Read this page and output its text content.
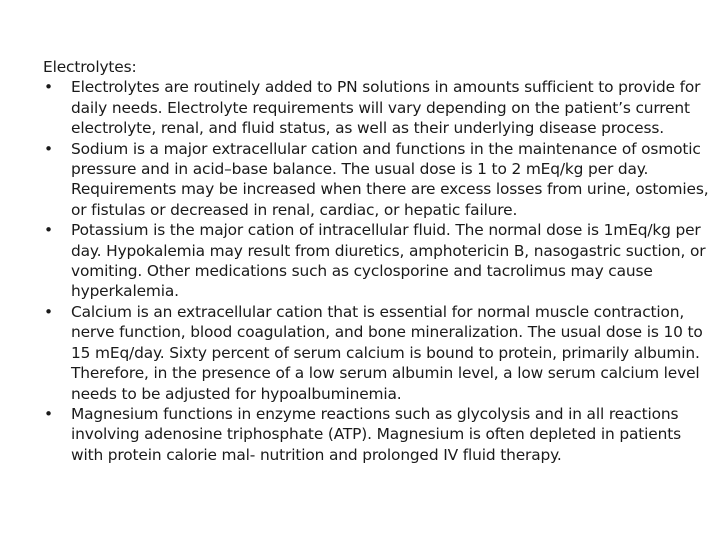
Electrolytes:

• Electrolytes are routinely added to PN solutions in amounts sufficient to provide for daily needs. Electrolyte requirements will vary depending on the patient’s current electrolyte, renal, and fluid status, as well as their underlying disease process.
• Sodium is a major extracellular cation and functions in the maintenance of osmotic pressure and in acid–base balance. The usual dose is 1 to 2 mEq/kg per day. Requirements may be increased when there are excess losses from urine, ostomies, or fistulas or decreased in renal, cardiac, or hepatic failure.
• Potassium is the major cation of intracellular fluid. The normal dose is 1mEq/kg per day. Hypokalemia may result from diuretics, amphotericin B, nasogastric suction, or vomiting. Other medications such as cyclosporine and tacrolimus may cause hyperkalemia.
• Calcium is an extracellular cation that is essential for normal muscle contraction, nerve function, blood coagulation, and bone mineralization. The usual dose is 10 to 15 mEq/day. Sixty percent of serum calcium is bound to protein, primarily albumin. Therefore, in the presence of a low serum albumin level, a low serum calcium level needs to be adjusted for hypoalbuminemia.
• Magnesium functions in enzyme reactions such as glycolysis and in all reactions involving adenosine triphosphate (ATP). Magnesium is often depleted in patients with protein calorie mal- nutrition and prolonged IV fluid therapy.
